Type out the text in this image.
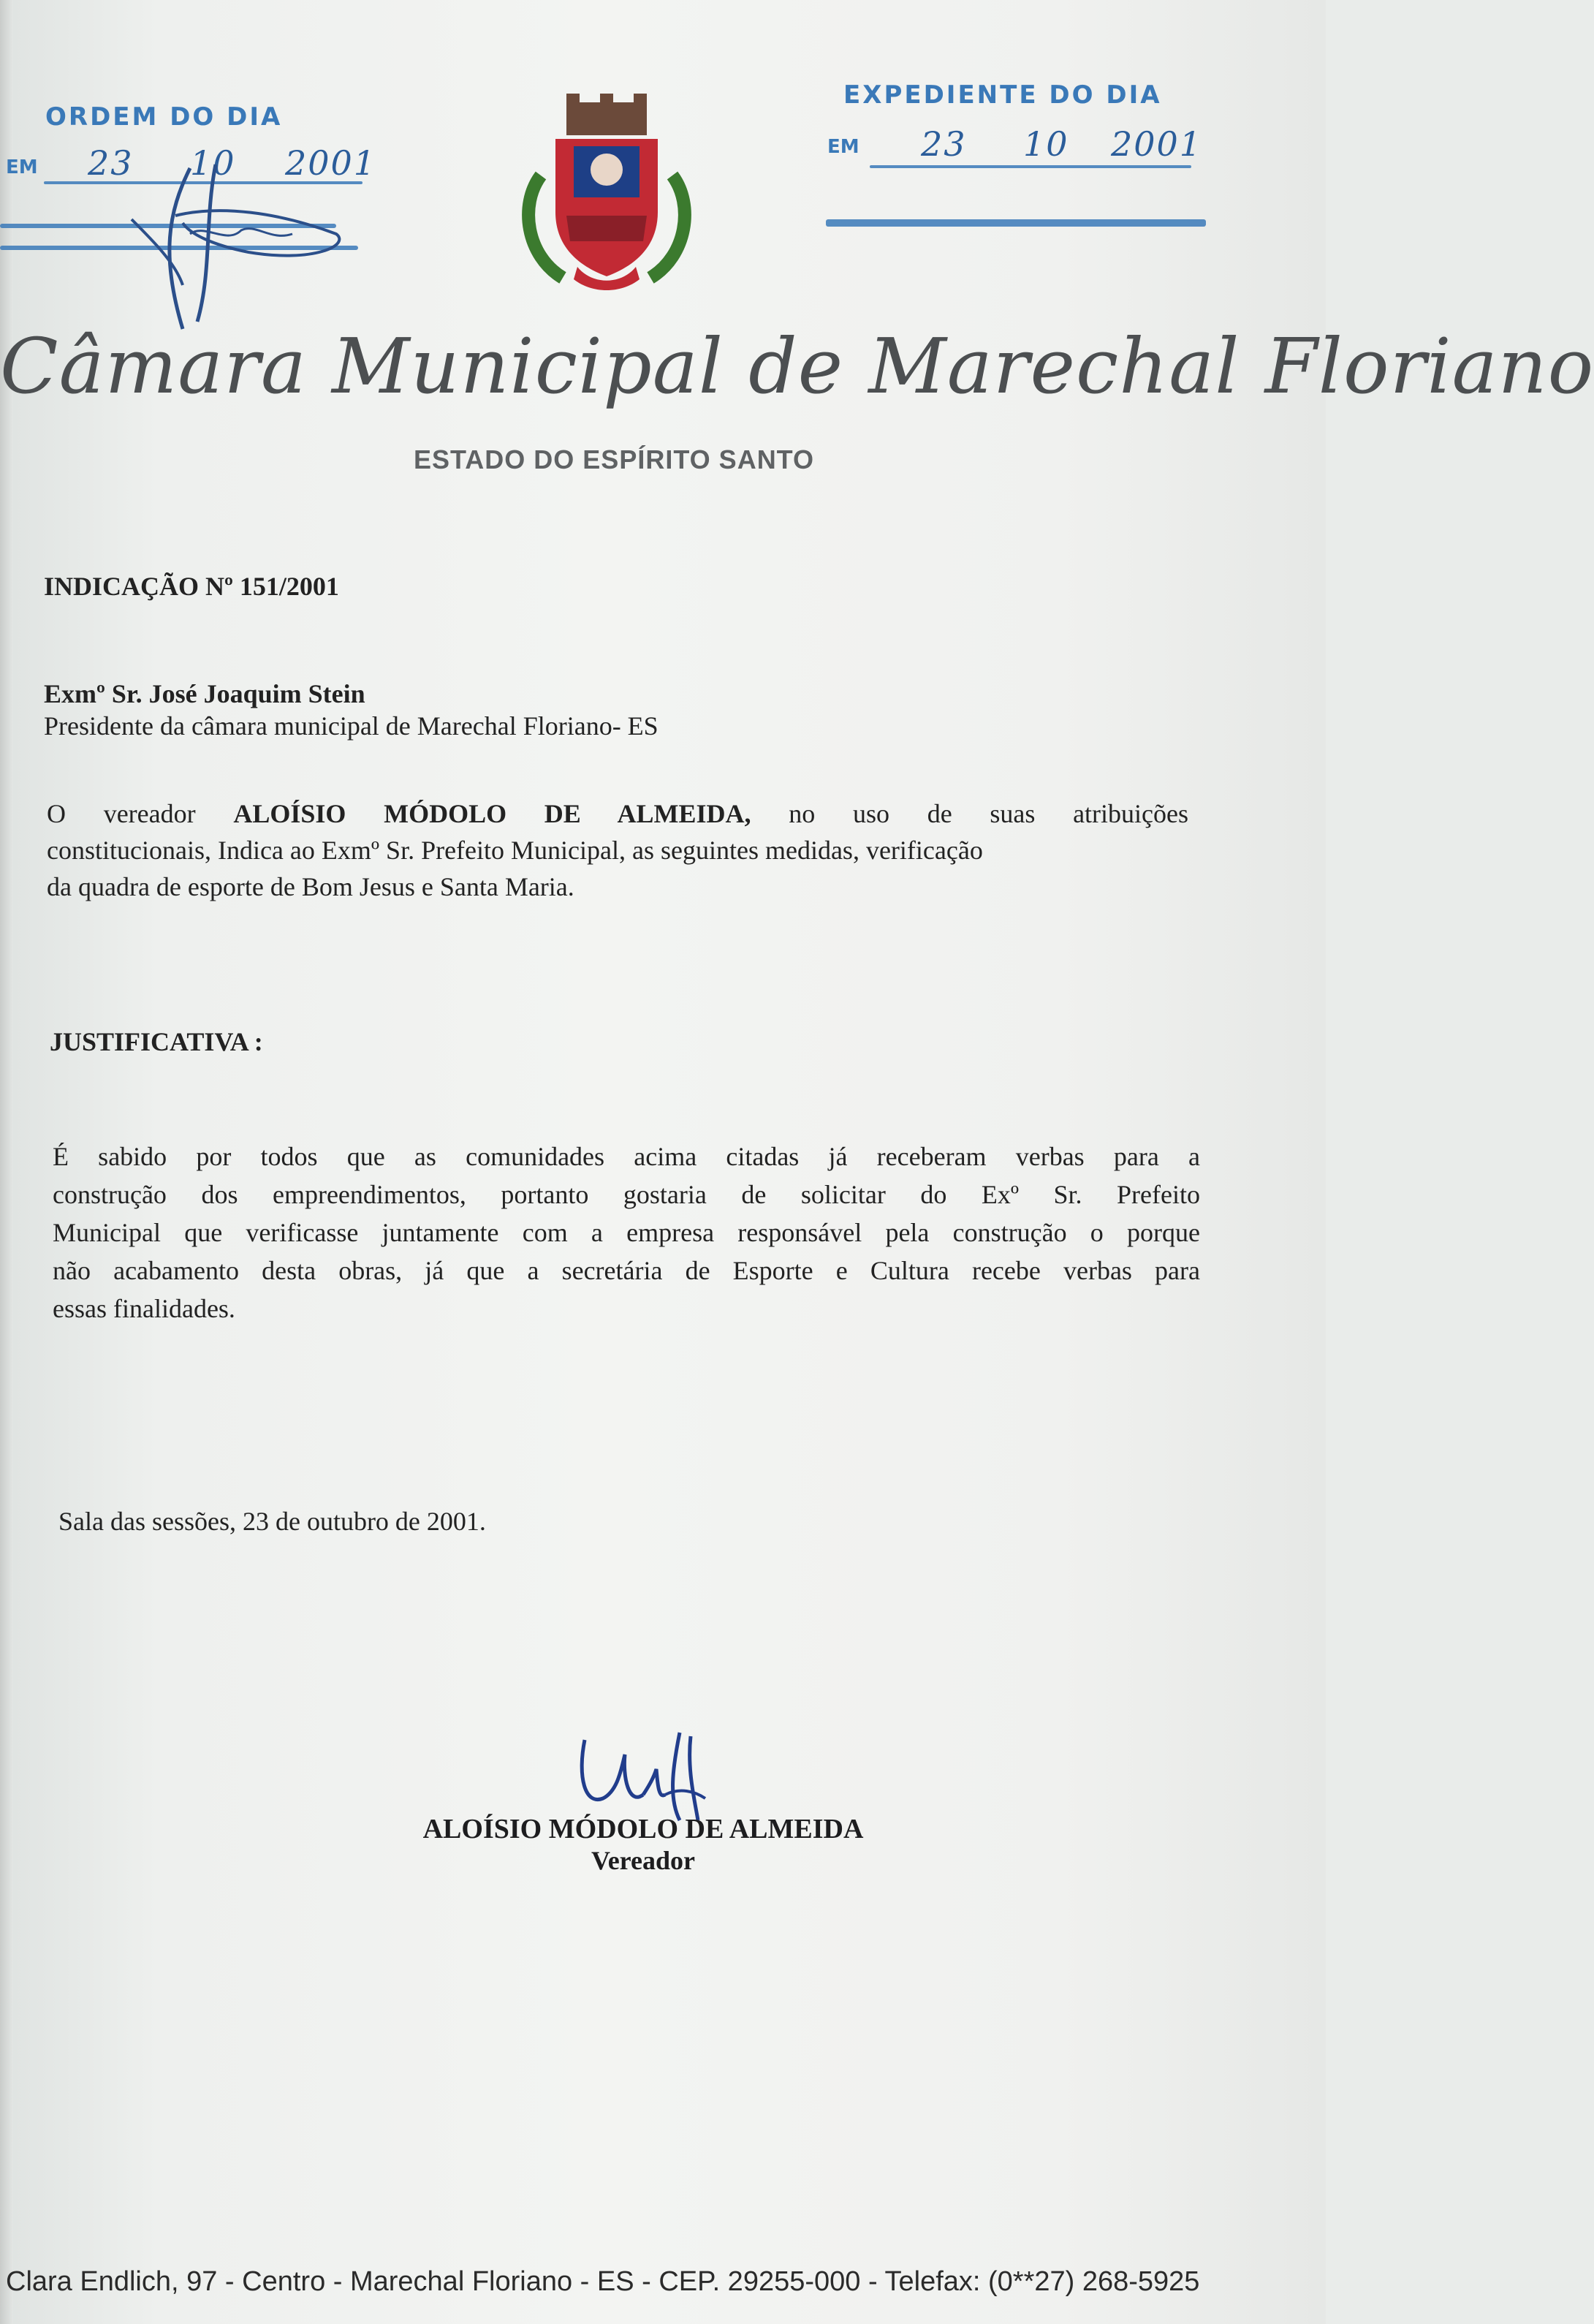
ORDEM DO DIA
EM 23 10 2001
EXPEDIENTE DO DIA
EM 23 10 2001
Câmara Municipal de Marechal Floriano
ESTADO DO ESPÍRITO SANTO
INDICAÇÃO Nº 151/2001
Exmº Sr. José Joaquim Stein
Presidente da câmara municipal de Marechal Floriano- ES
O vereador ALOÍSIO MÓDOLO DE ALMEIDA, no uso de suas atribuições
constitucionais, Indica ao Exmº Sr. Prefeito Municipal, as seguintes medidas, verificação
da quadra de esporte de Bom Jesus e Santa Maria.
JUSTIFICATIVA :
É sabido por todos que as comunidades acima citadas já receberam verbas para a
construção dos empreendimentos, portanto gostaria de solicitar do Exº Sr. Prefeito
Municipal que verificasse juntamente com a empresa responsável pela construção o porque
não acabamento desta obras, já que a secretária de Esporte e Cultura recebe verbas para
essas finalidades.
Sala das sessões, 23 de outubro de 2001.
ALOÍSIO MÓDOLO DE ALMEIDA
Vereador
Clara Endlich, 97 - Centro - Marechal Floriano - ES - CEP. 29255-000 - Telefax: (0**27) 268-5925
